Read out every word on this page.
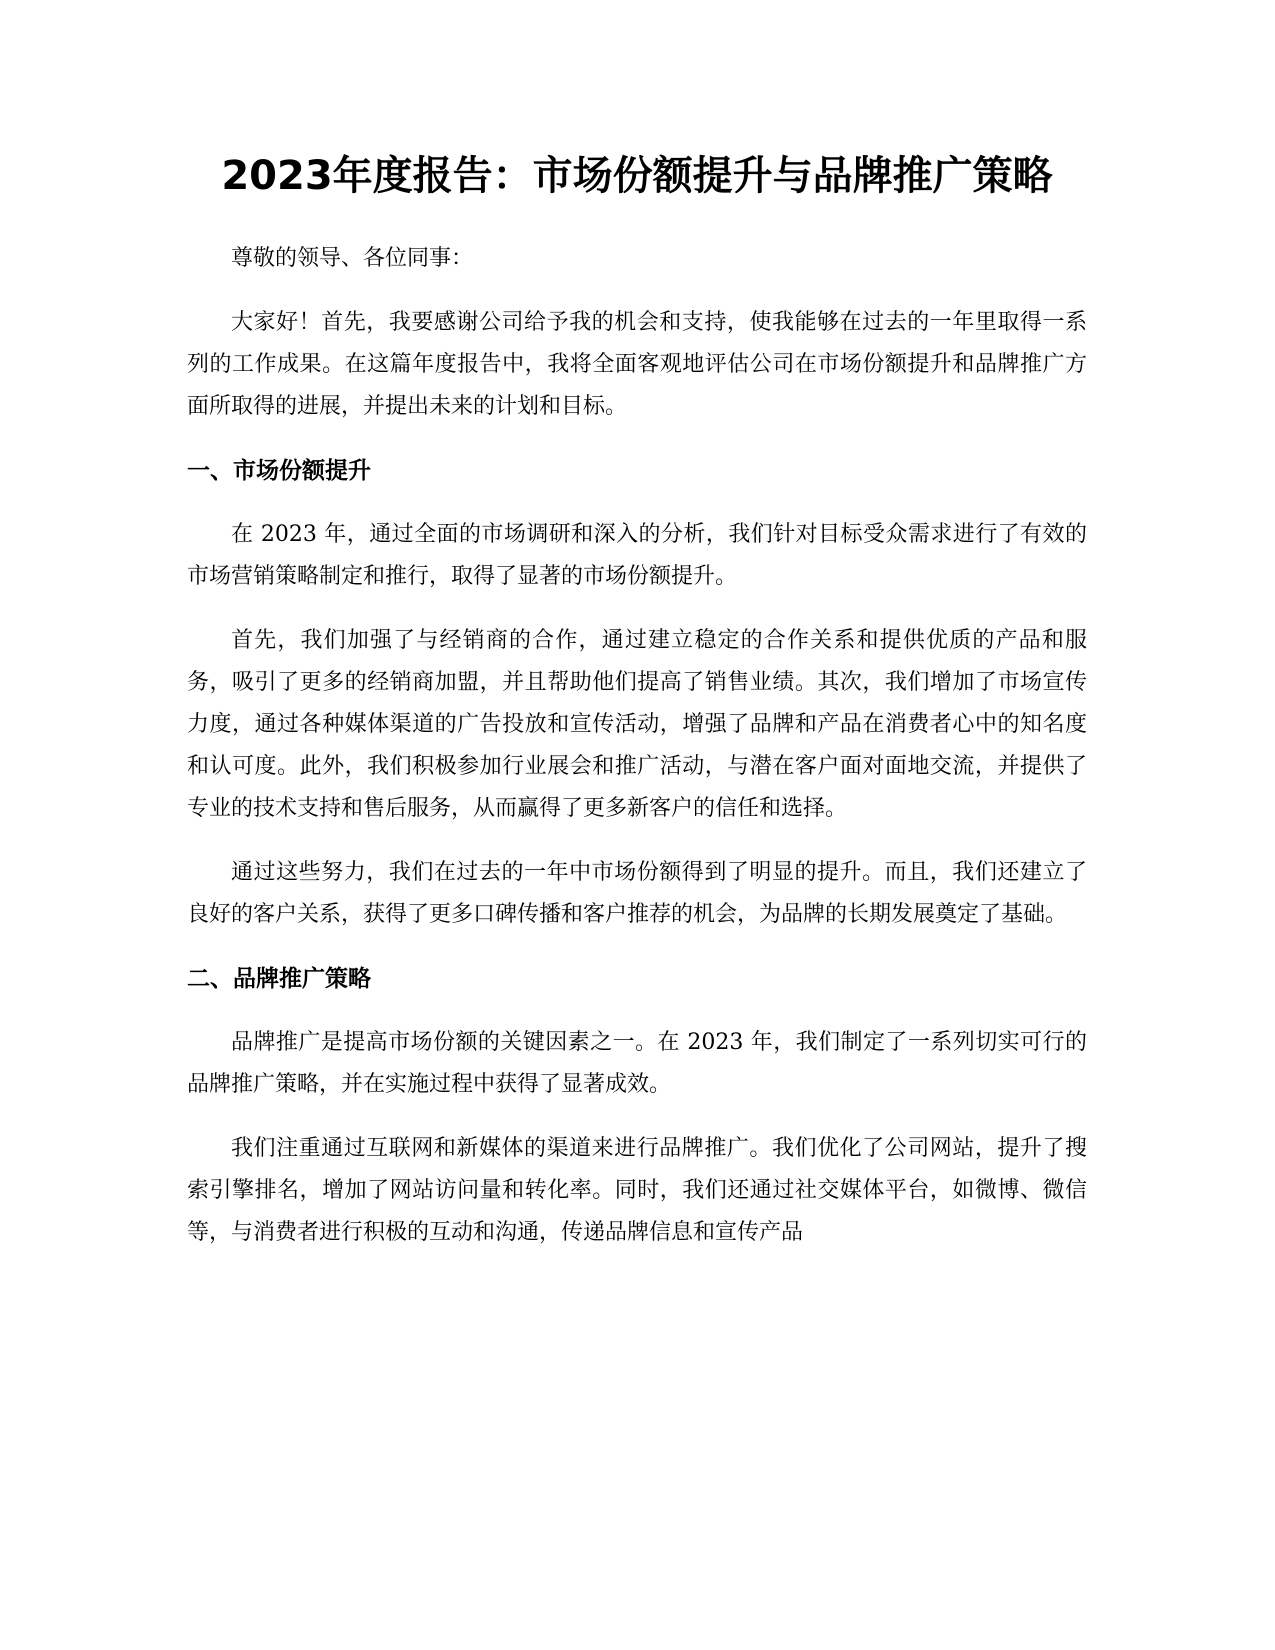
2023年度报告：市场份额提升与品牌推广策略

尊敬的领导、各位同事：

大家好！首先，我要感谢公司给予我的机会和支持，使我能够在过去的一年里取得一系列的工作成果。在这篇年度报告中，我将全面客观地评估公司在市场份额提升和品牌推广方面所取得的进展，并提出未来的计划和目标。

一、市场份额提升

在 2023 年，通过全面的市场调研和深入的分析，我们针对目标受众需求进行了有效的市场营销策略制定和推行，取得了显著的市场份额提升。

首先，我们加强了与经销商的合作，通过建立稳定的合作关系和提供优质的产品和服务，吸引了更多的经销商加盟，并且帮助他们提高了销售业绩。其次，我们增加了市场宣传力度，通过各种媒体渠道的广告投放和宣传活动，增强了品牌和产品在消费者心中的知名度和认可度。此外，我们积极参加行业展会和推广活动，与潜在客户面对面地交流，并提供了专业的技术支持和售后服务，从而赢得了更多新客户的信任和选择。

通过这些努力，我们在过去的一年中市场份额得到了明显的提升。而且，我们还建立了良好的客户关系，获得了更多口碑传播和客户推荐的机会，为品牌的长期发展奠定了基础。

二、品牌推广策略

品牌推广是提高市场份额的关键因素之一。在 2023 年，我们制定了一系列切实可行的品牌推广策略，并在实施过程中获得了显著成效。

我们注重通过互联网和新媒体的渠道来进行品牌推广。我们优化了公司网站，提升了搜索引擎排名，增加了网站访问量和转化率。同时，我们还通过社交媒体平台，如微博、微信等，与消费者进行积极的互动和沟通，传递品牌信息和宣传产品
